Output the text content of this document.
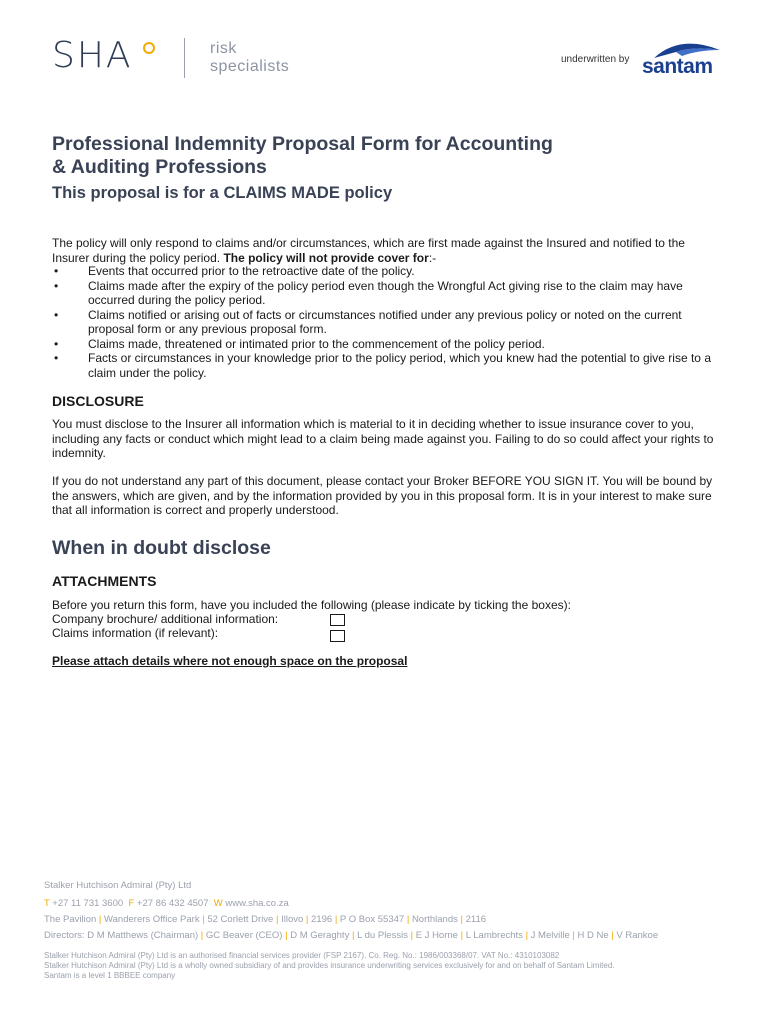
SHA	risk
specialists	underwritten by santam
Professional Indemnity Proposal Form for Accounting & Auditing Professions
This proposal is for a CLAIMS MADE policy
The policy will only respond to claims and/or circumstances, which are first made against the Insured and notified to the Insurer during the policy period. The policy will not provide cover for:-
• Events that occurred prior to the retroactive date of the policy.
• Claims made after the expiry of the policy period even though the Wrongful Act giving rise to the claim may have occurred during the policy period.
• Claims notified or arising out of facts or circumstances notified under any previous policy or noted on the current proposal form or any previous proposal form.
• Claims made, threatened or intimated prior to the commencement of the policy period.
• Facts or circumstances in your knowledge prior to the policy period, which you knew had the potential to give rise to a claim under the policy.
DISCLOSURE
You must disclose to the Insurer all information which is material to it in deciding whether to issue insurance cover to you, including any facts or conduct which might lead to a claim being made against you. Failing to do so could affect your rights to indemnity.
If you do not understand any part of this document, please contact your Broker BEFORE YOU SIGN IT. You will be bound by the answers, which are given, and by the information provided by you in this proposal form. It is in your interest to make sure that all information is correct and properly understood.
When in doubt disclose
ATTACHMENTS
Before you return this form, have you included the following (please indicate by ticking the boxes):
Company brochure/ additional information:
Claims information (if relevant):
Please attach details where not enough space on the proposal
Stalker Hutchison Admiral (Pty) Ltd
T +27 11 731 3600 F +27 86 432 4507 W www.sha.co.za
The Pavilion | Wanderers Office Park | 52 Corlett Drive | Illovo | 2196 | P O Box 55347 | Northlands | 2116
Directors: D M Matthews (Chairman) | GC Beaver (CEO) | D M Geraghty | L du Plessis | E J Horne | L Lambrechts | J Melville | H D Ne | V Rankoe
Stalker Hutchison Admiral (Pty) Ltd is an authorised financial services provider (FSP 2167). Co. Reg. No.: 1986/003368/07. VAT No.: 4310103082
Stalker Hutchison Admiral (Pty) Ltd is a wholly owned subsidiary of and provides insurance underwriting services exclusively for and on behalf of Santam Limited.
Santam is a level 1 BBBEE company
